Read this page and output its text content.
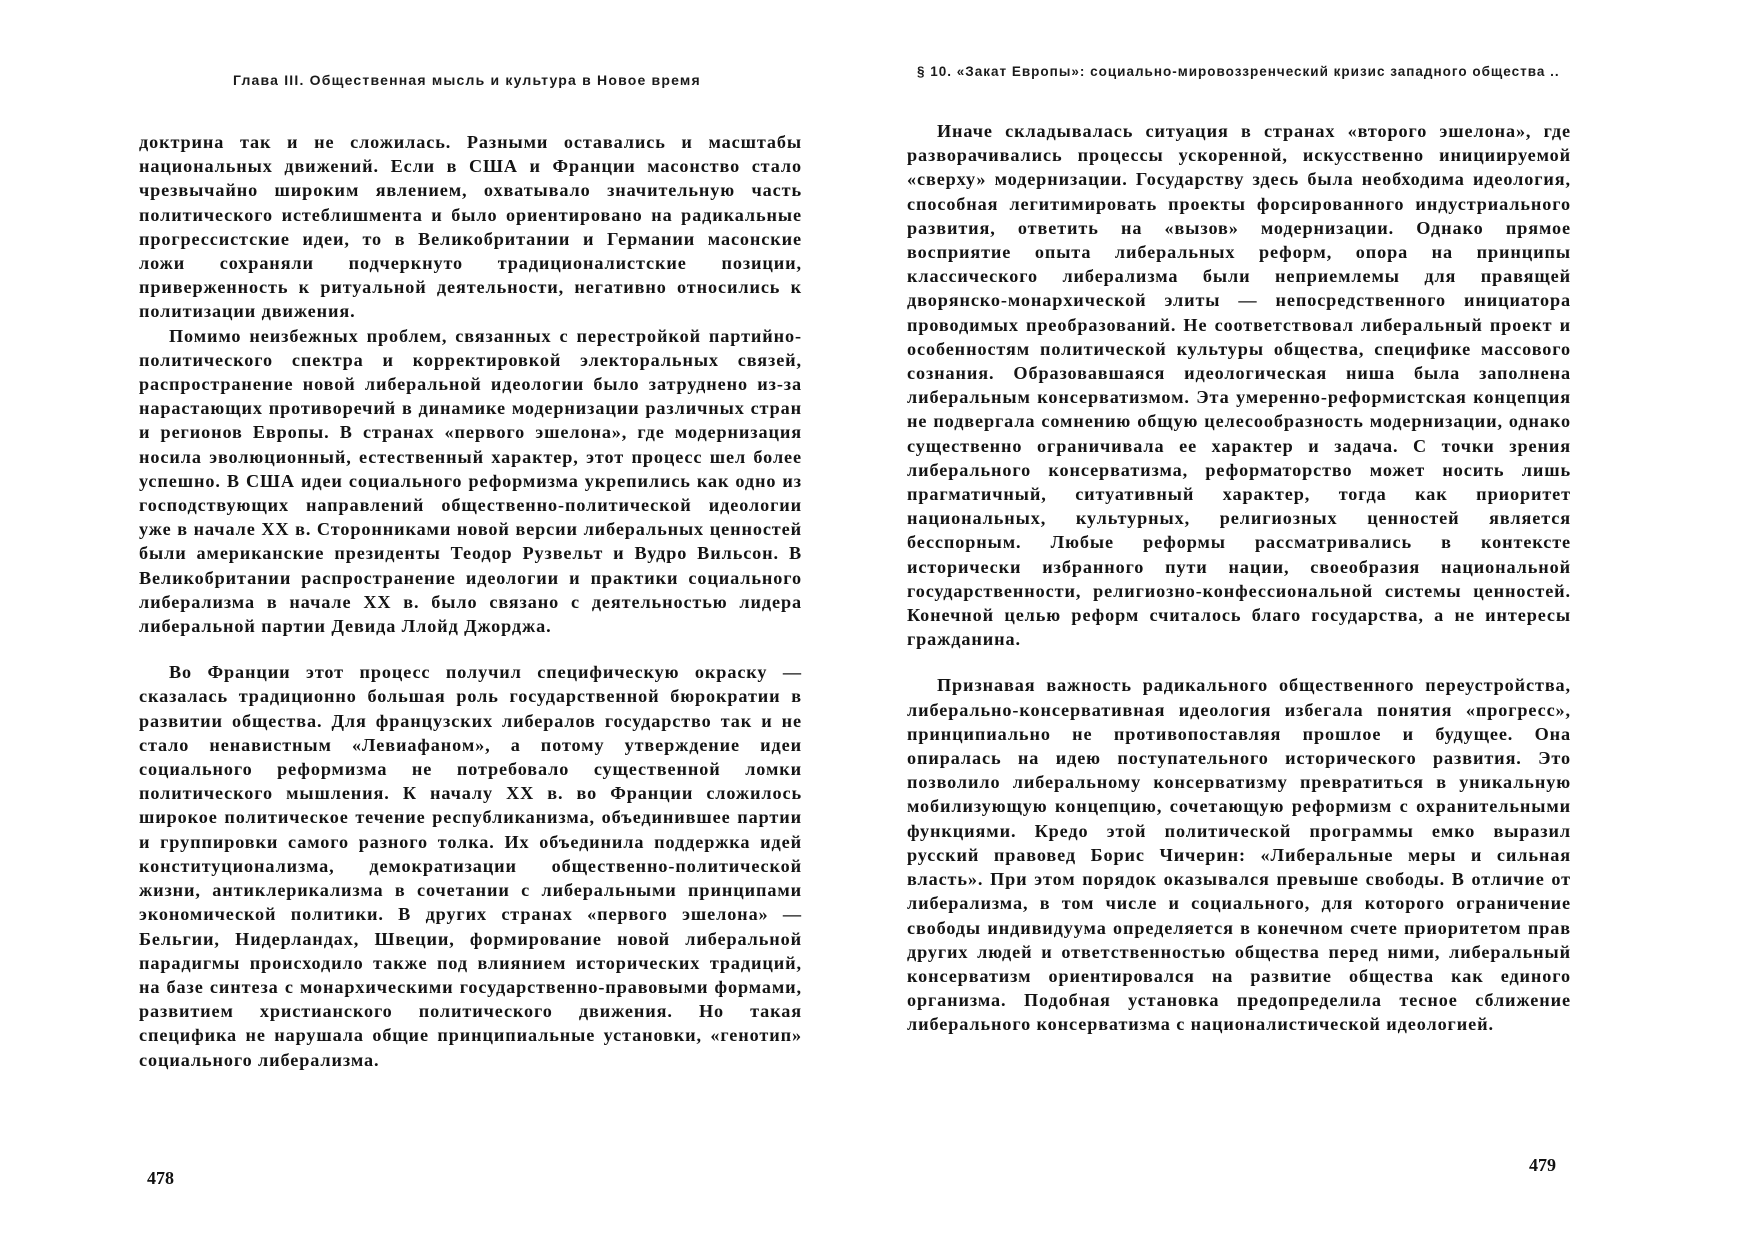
Глава III. Общественная мысль и культура в Новое время

доктрина так и не сложилась. Разными оставались и масштабы национальных движений. Если в США и Франции масонство стало чрезвычайно широким явлением, охватывало значительную часть политического истеблишмента и было ориентировано на радикальные прогрессистские идеи, то в Великобритании и Германии масонские ложи сохраняли подчеркнуто традиционалистские позиции, приверженность к ритуальной деятельности, негативно относились к политизации движения.

Помимо неизбежных проблем, связанных с перестройкой партийно-политического спектра и корректировкой электоральных связей, распространение новой либеральной идеологии было затруднено из-за нарастающих противоречий в динамике модернизации различных стран и регионов Европы. В странах «первого эшелона», где модернизация носила эволюционный, естественный характер, этот процесс шел более успешно. В США идеи социального реформизма укрепились как одно из господствующих направлений общественно-политической идеологии уже в начале XX в. Сторонниками новой версии либеральных ценностей были американские президенты Теодор Рузвельт и Вудро Вильсон. В Великобритании распространение идеологии и практики социального либерализма в начале XX в. было связано с деятельностью лидера либеральной партии Девида Ллойд Джорджа.

Во Франции этот процесс получил специфическую окраску — сказалась традиционно большая роль государственной бюрократии в развитии общества. Для французских либералов государство так и не стало ненавистным «Левиафаном», а потому утверждение идеи социального реформизма не потребовало существенной ломки политического мышления. К началу XX в. во Франции сложилось широкое политическое течение республиканизма, объединившее партии и группировки самого разного толка. Их объединила поддержка идей конституционализма, демократизации общественно-политической жизни, антиклерикализма в сочетании с либеральными принципами экономической политики. В других странах «первого эшелона» — Бельгии, Нидерландах, Швеции, формирование новой либеральной парадигмы происходило также под влиянием исторических традиций, на базе синтеза с монархическими государственно-правовыми формами, развитием христианского политического движения. Но такая специфика не нарушала общие принципиальные установки, «генотип» социального либерализма.

478
§ 10. «Закат Европы»: социально-мировоззренческий кризис западного общества ..

Иначе складывалась ситуация в странах «второго эшелона», где разворачивались процессы ускоренной, искусственно инициируемой «сверху» модернизации. Государству здесь была необходима идеология, способная легитимировать проекты форсированного индустриального развития, ответить на «вызов» модернизации. Однако прямое восприятие опыта либеральных реформ, опора на принципы классического либерализма были неприемлемы для правящей дворянско-монархической элиты — непосредственного инициатора проводимых преобразований. Не соответствовал либеральный проект и особенностям политической культуры общества, специфике массового сознания. Образовавшаяся идеологическая ниша была заполнена либеральным консерватизмом. Эта умеренно-реформистская концепция не подвергала сомнению общую целесообразность модернизации, однако существенно ограничивала ее характер и задача. С точки зрения либерального консерватизма, реформаторство может носить лишь прагматичный, ситуативный характер, тогда как приоритет национальных, культурных, религиозных ценностей является бесспорным. Любые реформы рассматривались в контексте исторически избранного пути нации, своеобразия национальной государственности, религиозно-конфессиональной системы ценностей. Конечной целью реформ считалось благо государства, а не интересы гражданина.

Признавая важность радикального общественного переустройства, либерально-консервативная идеология избегала понятия «прогресс», принципиально не противопоставляя прошлое и будущее. Она опиралась на идею поступательного исторического развития. Это позволило либеральному консерватизму превратиться в уникальную мобилизующую концепцию, сочетающую реформизм с охранительными функциями. Кредо этой политической программы емко выразил русский правовед Борис Чичерин: «Либеральные меры и сильная власть». При этом порядок оказывался превыше свободы. В отличие от либерализма, в том числе и социального, для которого ограничение свободы индивидуума определяется в конечном счете приоритетом прав других людей и ответственностью общества перед ними, либеральный консерватизм ориентировался на развитие общества как единого организма. Подобная установка предопределила тесное сближение либерального консерватизма с националистической идеологией.

479
